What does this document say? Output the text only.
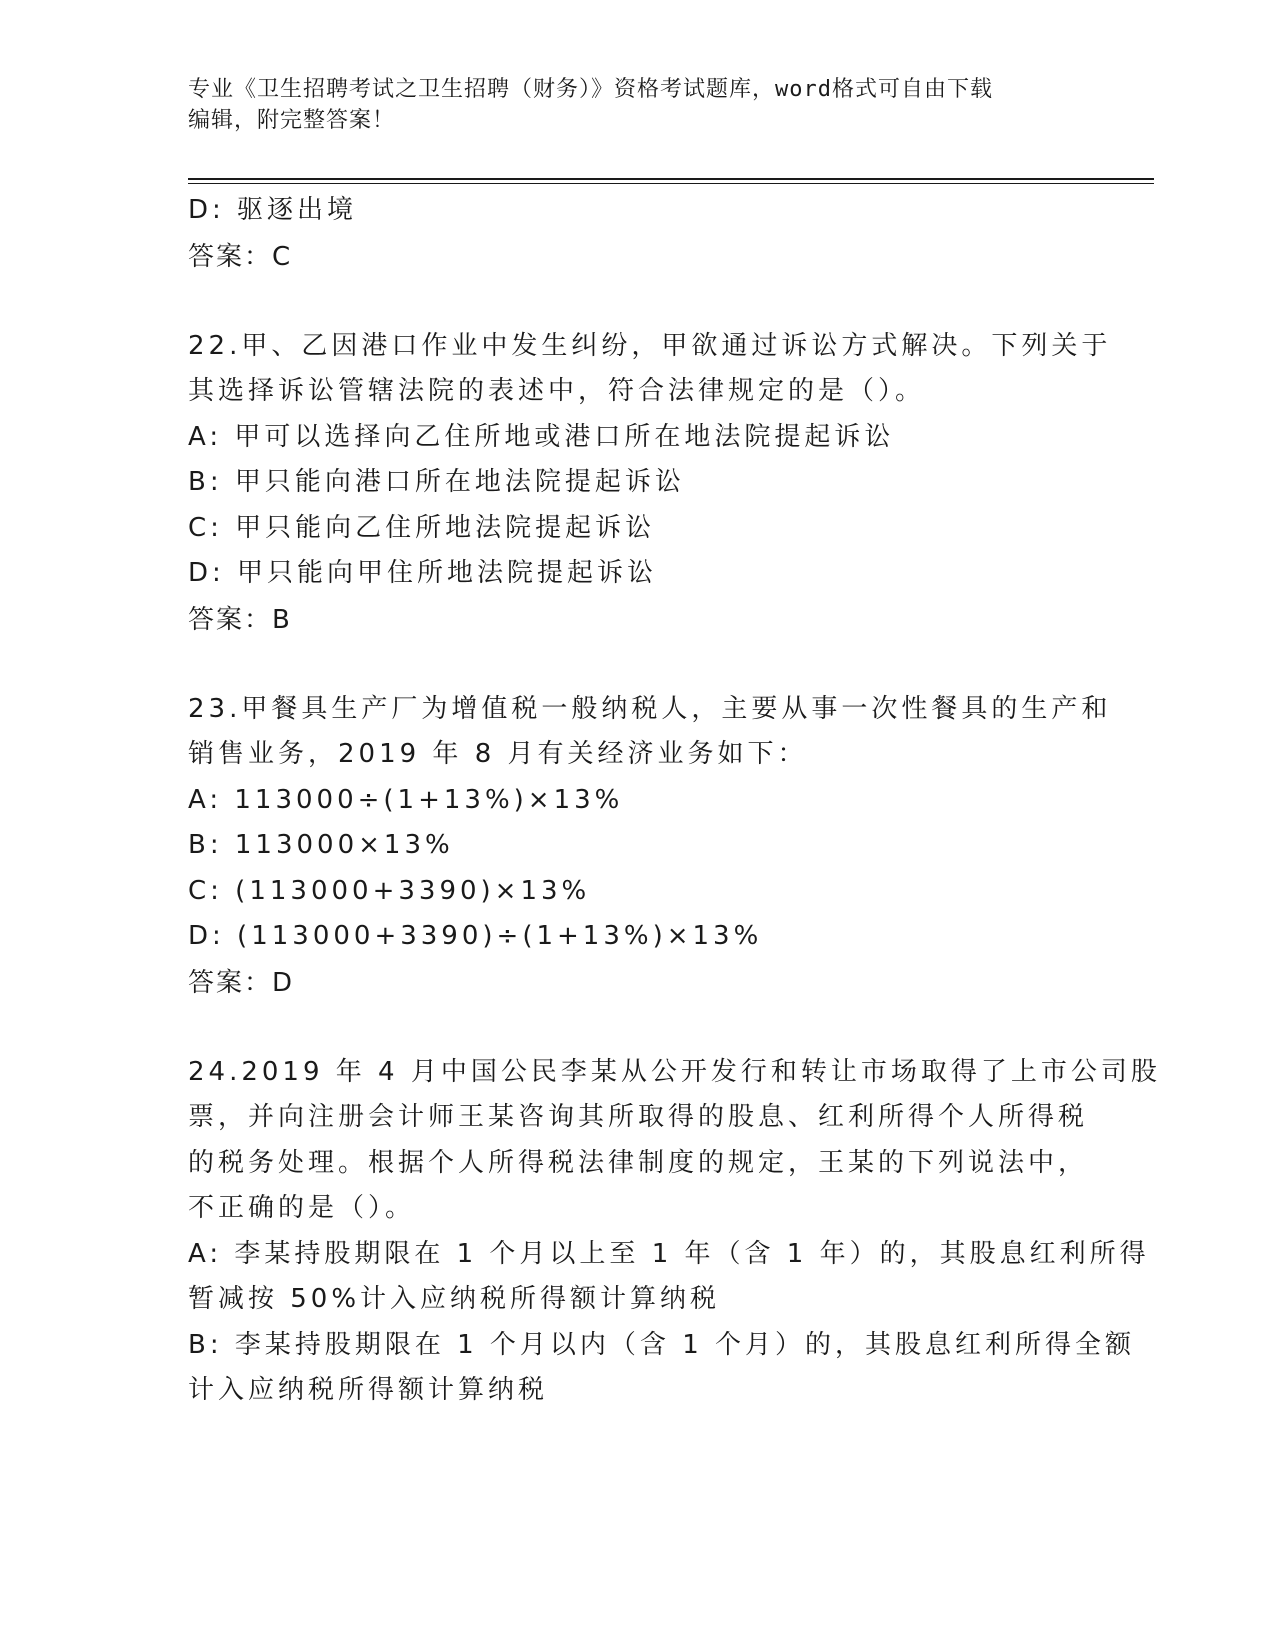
专业《卫生招聘考试之卫生招聘（财务）》资格考试题库，word格式可自由下载
编辑，附完整答案！
D: 驱逐出境
答案：C
22.甲、乙因港口作业中发生纠纷，甲欲通过诉讼方式解决。下列关于
其选择诉讼管辖法院的表述中，符合法律规定的是（）。
A: 甲可以选择向乙住所地或港口所在地法院提起诉讼
B: 甲只能向港口所在地法院提起诉讼
C: 甲只能向乙住所地法院提起诉讼
D: 甲只能向甲住所地法院提起诉讼
答案：B
23.甲餐具生产厂为增值税一般纳税人，主要从事一次性餐具的生产和
销售业务，2019 年 8 月有关经济业务如下：
A: 113000÷(1+13%)×13%
B: 113000×13%
C: (113000+3390)×13%
D: (113000+3390)÷(1+13%)×13%
答案：D
24.2019 年 4 月中国公民李某从公开发行和转让市场取得了上市公司股
票，并向注册会计师王某咨询其所取得的股息、红利所得个人所得税
的税务处理。根据个人所得税法律制度的规定，王某的下列说法中，
不正确的是（）。
A: 李某持股期限在 1 个月以上至 1 年（含 1 年）的，其股息红利所得
暂减按 50%计入应纳税所得额计算纳税
B: 李某持股期限在 1 个月以内（含 1 个月）的，其股息红利所得全额
计入应纳税所得额计算纳税
